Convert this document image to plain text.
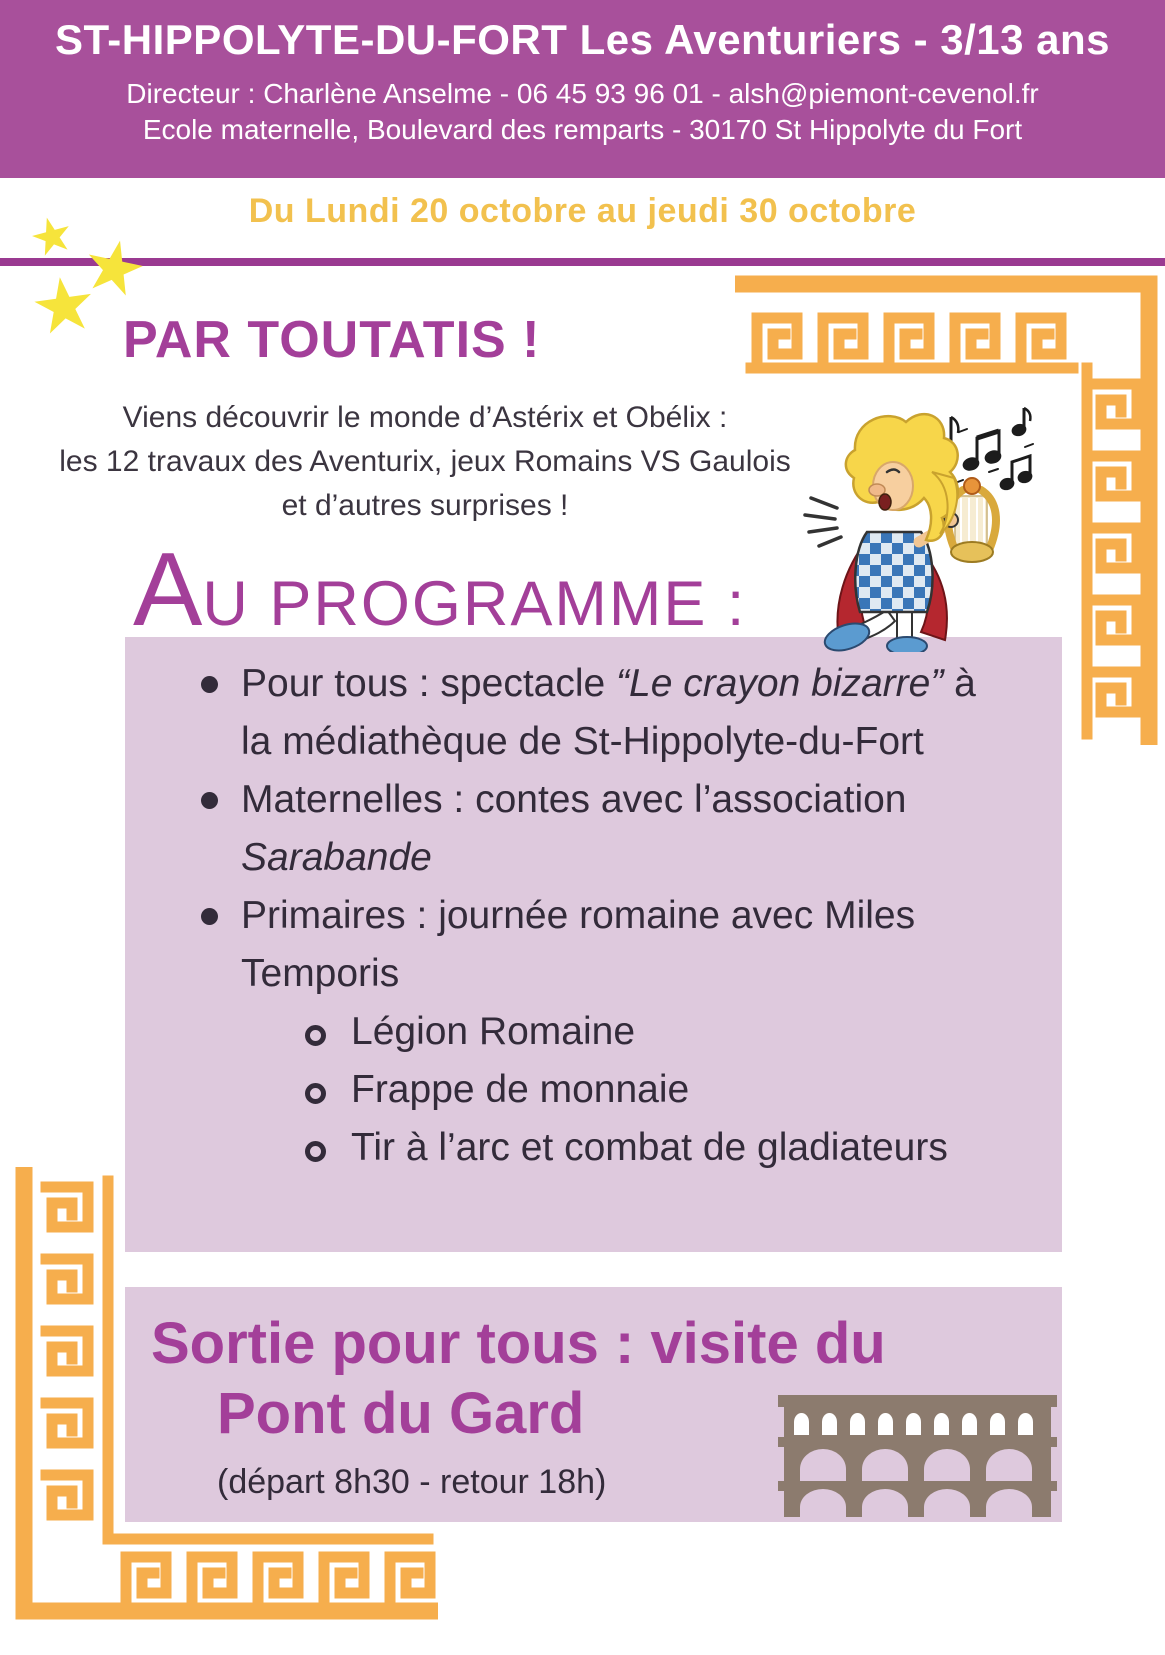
ST-HIPPOLYTE-DU-FORT Les Aventuriers - 3/13 ans
Directeur : Charlène Anselme - 06 45 93 96 01 - alsh@piemont-cevenol.fr
Ecole maternelle, Boulevard des remparts - 30170 St Hippolyte du Fort
Du Lundi 20 octobre au jeudi 30 octobre
PAR TOUTATIS !
Viens découvrir le monde d’Astérix et Obélix :
les 12 travaux des Aventurix, jeux Romains VS Gaulois
et d’autres surprises !
AU PROGRAMME :
Pour tous : spectacle “Le crayon bizarre” à la médiathèque de St-Hippolyte-du-Fort
Maternelles : contes avec l’association Sarabande
Primaires : journée romaine avec Miles Temporis
Légion Romaine
Frappe de monnaie
Tir à l’arc et combat de gladiateurs
Sortie pour tous : visite du
Pont du Gard
(départ 8h30 - retour 18h)
